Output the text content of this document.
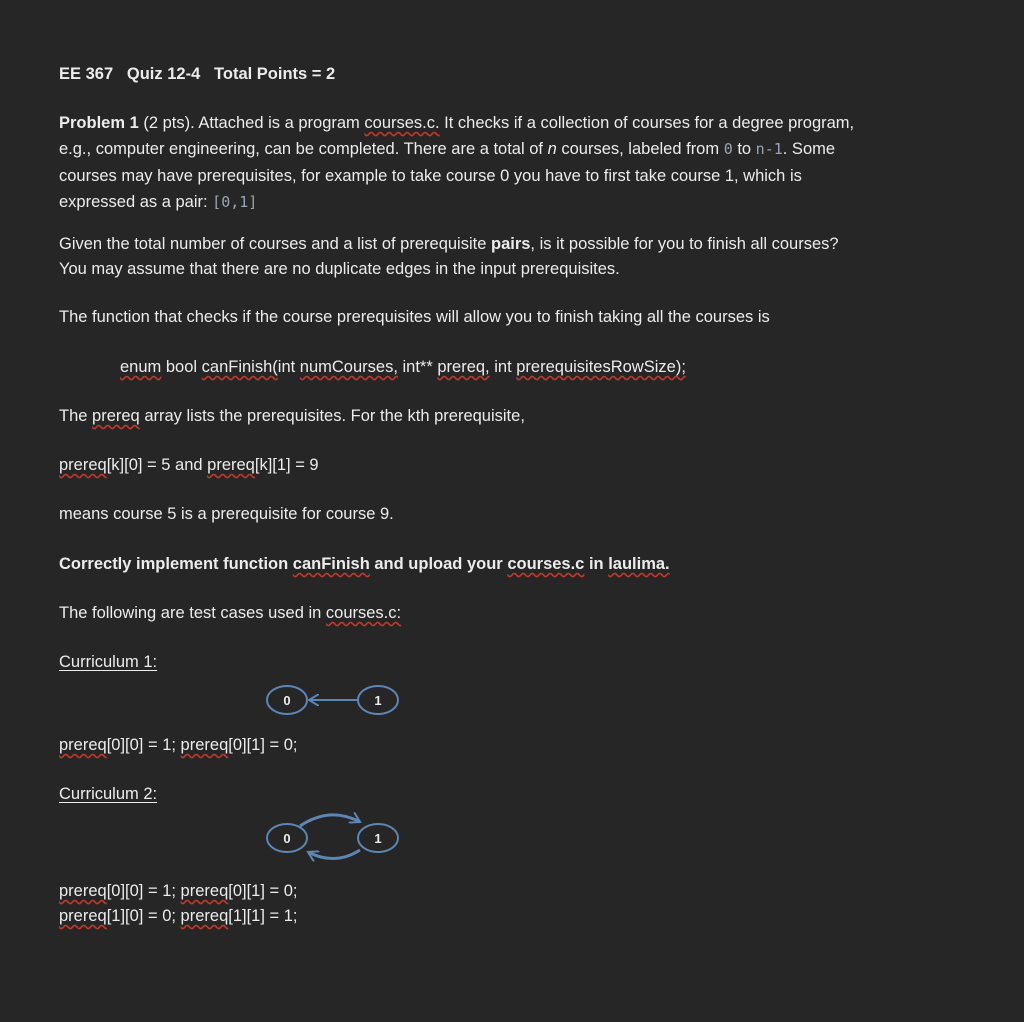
EE 367 Quiz 12-4 Total Points = 2
Problem 1 (2 pts). Attached is a program courses.c. It checks if a collection of courses for a degree program,
e.g., computer engineering, can be completed. There are a total of n courses, labeled from 0 to n-1. Some
courses may have prerequisites, for example to take course 0 you have to first take course 1, which is
expressed as a pair: [0,1]
Given the total number of courses and a list of prerequisite pairs, is it possible for you to finish all courses?
You may assume that there are no duplicate edges in the input prerequisites.
The function that checks if the course prerequisites will allow you to finish taking all the courses is
enum bool canFinish(int numCourses, int** prereq, int prerequisitesRowSize);
The prereq array lists the prerequisites. For the kth prerequisite,
prereq[k][0] = 5 and prereq[k][1] = 9
means course 5 is a prerequisite for course 9.
Correctly implement function canFinish and upload your courses.c in laulima.
The following are test cases used in courses.c:
Curriculum 1:
0	1
prereq[0][0] = 1; prereq[0][1] = 0;
Curriculum 2:
0	1
prereq[0][0] = 1; prereq[0][1] = 0;
prereq[1][0] = 0; prereq[1][1] = 1;
